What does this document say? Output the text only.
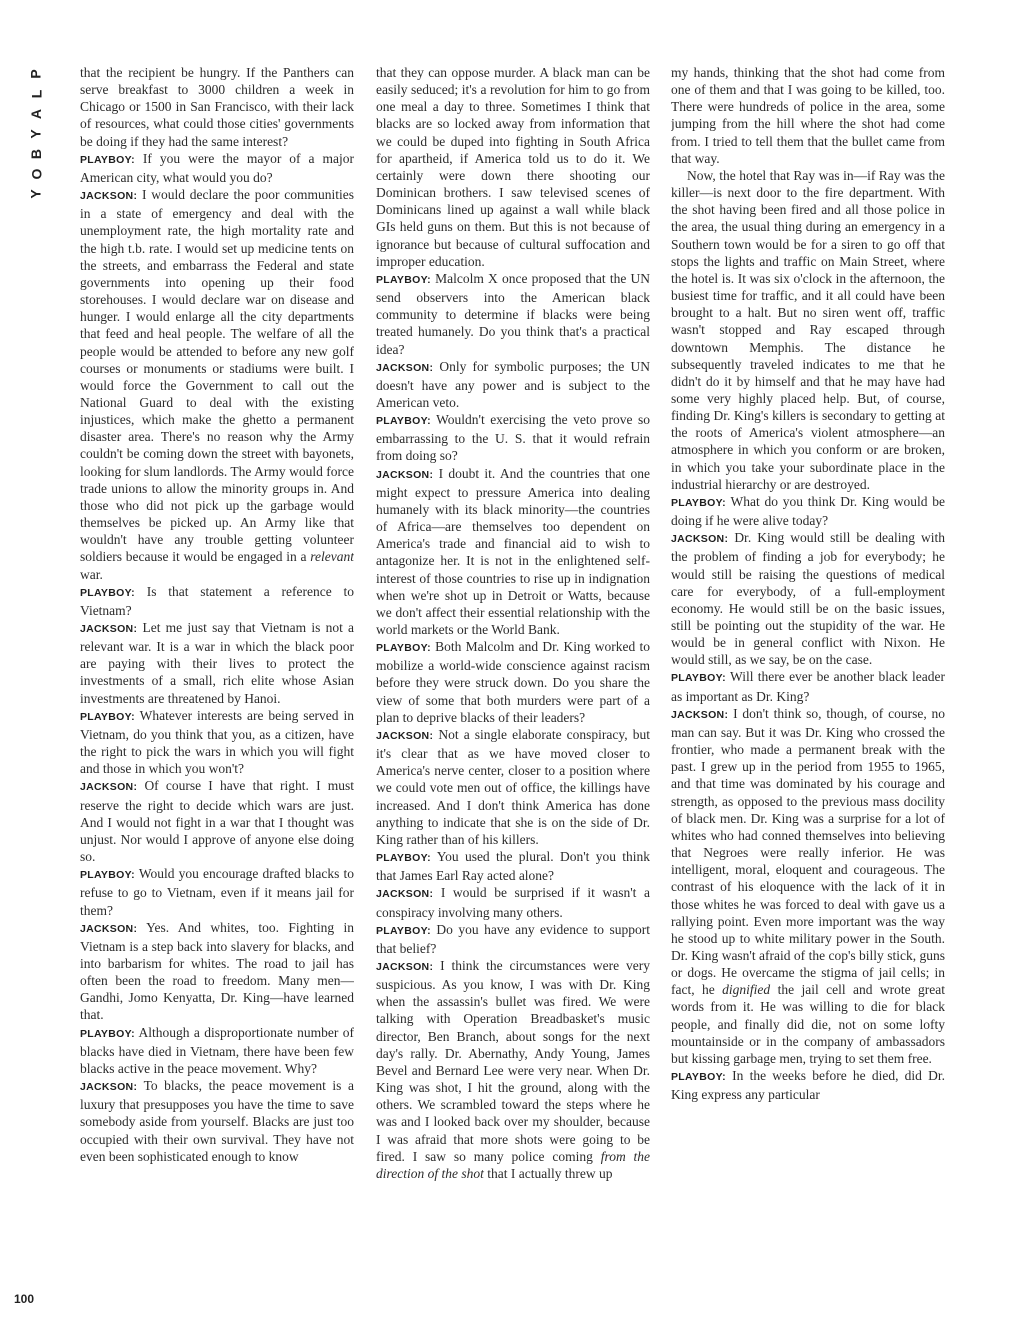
P
L
A
Y
B
O
Y

that the recipient be hungry. If the Panthers can serve breakfast to 3000 children a week in Chicago or 1500 in San Francisco, with their lack of resources, what could those cities' governments be doing if they had the same interest?

PLAYBOY: If you were the mayor of a major American city, what would you do?

JACKSON: I would declare the poor communities in a state of emergency and deal with the unemployment rate, the high mortality rate and the high t.b. rate. I would set up medicine tents on the streets, and embarrass the Federal and state governments into opening up their food storehouses. I would declare war on disease and hunger. I would enlarge all the city departments that feed and heal people. The welfare of all the people would be attended to before any new golf courses or monuments or stadiums were built. I would force the Government to call out the National Guard to deal with the existing injustices, which make the ghetto a permanent disaster area. There's no reason why the Army couldn't be coming down the street with bayonets, looking for slum landlords. The Army would force trade unions to allow the minority groups in. And those who did not pick up the garbage would themselves be picked up. An Army like that wouldn't have any trouble getting volunteer soldiers because it would be engaged in a relevant war.

PLAYBOY: Is that statement a reference to Vietnam?

JACKSON: Let me just say that Vietnam is not a relevant war. It is a war in which the black poor are paying with their lives to protect the investments of a small, rich elite whose Asian investments are threatened by Hanoi.

PLAYBOY: Whatever interests are being served in Vietnam, do you think that you, as a citizen, have the right to pick the wars in which you will fight and those in which you won't?

JACKSON: Of course I have that right. I must reserve the right to decide which wars are just. And I would not fight in a war that I thought was unjust. Nor would I approve of anyone else doing so.

PLAYBOY: Would you encourage drafted blacks to refuse to go to Vietnam, even if it means jail for them?

JACKSON: Yes. And whites, too. Fighting in Vietnam is a step back into slavery for blacks, and into barbarism for whites. The road to jail has often been the road to freedom. Many men—Gandhi, Jomo Kenyatta, Dr. King—have learned that.

PLAYBOY: Although a disproportionate number of blacks have died in Vietnam, there have been few blacks active in the peace movement. Why?

JACKSON: To blacks, the peace movement is a luxury that presupposes you have the time to save somebody aside from yourself. Blacks are just too occupied with their own survival. They have not even been sophisticated enough to know

that they can oppose murder. A black man can be easily seduced; it's a revolution for him to go from one meal a day to three. Sometimes I think that blacks are so locked away from information that we could be duped into fighting in South Africa for apartheid, if America told us to do it. We certainly were down there shooting our Dominican brothers. I saw televised scenes of Dominicans lined up against a wall while black GIs held guns on them. But this is not because of ignorance but because of cultural suffocation and improper education.

PLAYBOY: Malcolm X once proposed that the UN send observers into the American black community to determine if blacks were being treated humanely. Do you think that's a practical idea?

JACKSON: Only for symbolic purposes; the UN doesn't have any power and is subject to the American veto.

PLAYBOY: Wouldn't exercising the veto prove so embarrassing to the U. S. that it would refrain from doing so?

JACKSON: I doubt it. And the countries that one might expect to pressure America into dealing humanely with its black minority—the countries of Africa—are themselves too dependent on America's trade and financial aid to wish to antagonize her. It is not in the enlightened self-interest of those countries to rise up in indignation when we're shot up in Detroit or Watts, because we don't affect their essential relationship with the world markets or the World Bank.

PLAYBOY: Both Malcolm and Dr. King worked to mobilize a world-wide conscience against racism before they were struck down. Do you share the view of some that both murders were part of a plan to deprive blacks of their leaders?

JACKSON: Not a single elaborate conspiracy, but it's clear that as we have moved closer to America's nerve center, closer to a position where we could vote men out of office, the killings have increased. And I don't think America has done anything to indicate that she is on the side of Dr. King rather than of his killers.

PLAYBOY: You used the plural. Don't you think that James Earl Ray acted alone?

JACKSON: I would be surprised if it wasn't a conspiracy involving many others.

PLAYBOY: Do you have any evidence to support that belief?

JACKSON: I think the circumstances were very suspicious. As you know, I was with Dr. King when the assassin's bullet was fired. We were talking with Operation Breadbasket's music director, Ben Branch, about songs for the next day's rally. Dr. Abernathy, Andy Young, James Bevel and Bernard Lee were very near. When Dr. King was shot, I hit the ground, along with the others. We scrambled toward the steps where he was and I looked back over my shoulder, because I was afraid that more shots were going to be fired. I saw so many police coming from the direction of the shot that I actually threw up

my hands, thinking that the shot had come from one of them and that I was going to be killed, too. There were hundreds of police in the area, some jumping from the hill where the shot had come from. I tried to tell them that the bullet came from that way.

Now, the hotel that Ray was in—if Ray was the killer—is next door to the fire department. With the shot having been fired and all those police in the area, the usual thing during an emergency in a Southern town would be for a siren to go off that stops the lights and traffic on Main Street, where the hotel is. It was six o'clock in the afternoon, the busiest time for traffic, and it all could have been brought to a halt. But no siren went off, traffic wasn't stopped and Ray escaped through downtown Memphis. The distance he subsequently traveled indicates to me that he didn't do it by himself and that he may have had some very highly placed help. But, of course, finding Dr. King's killers is secondary to getting at the roots of America's violent atmosphere—an atmosphere in which you conform or are broken, in which you take your subordinate place in the industrial hierarchy or are destroyed.

PLAYBOY: What do you think Dr. King would be doing if he were alive today?

JACKSON: Dr. King would still be dealing with the problem of finding a job for everybody; he would still be raising the questions of medical care for everybody, of a full-employment economy. He would still be on the basic issues, still be pointing out the stupidity of the war. He would be in general conflict with Nixon. He would still, as we say, be on the case.

PLAYBOY: Will there ever be another black leader as important as Dr. King?

JACKSON: I don't think so, though, of course, no man can say. But it was Dr. King who crossed the frontier, who made a permanent break with the past. I grew up in the period from 1955 to 1965, and that time was dominated by his courage and strength, as opposed to the previous mass docility of black men. Dr. King was a surprise for a lot of whites who had conned themselves into believing that Negroes were really inferior. He was intelligent, moral, eloquent and courageous. The contrast of his eloquence with the lack of it in those whites he was forced to deal with gave us a rallying point. Even more important was the way he stood up to white military power in the South. Dr. King wasn't afraid of the cop's billy stick, guns or dogs. He overcame the stigma of jail cells; in fact, he dignified the jail cell and wrote great words from it. He was willing to die for black people, and finally did die, not on some lofty mountainside or in the company of ambassadors but kissing garbage men, trying to set them free.

PLAYBOY: In the weeks before he died, did Dr. King express any particular

100
